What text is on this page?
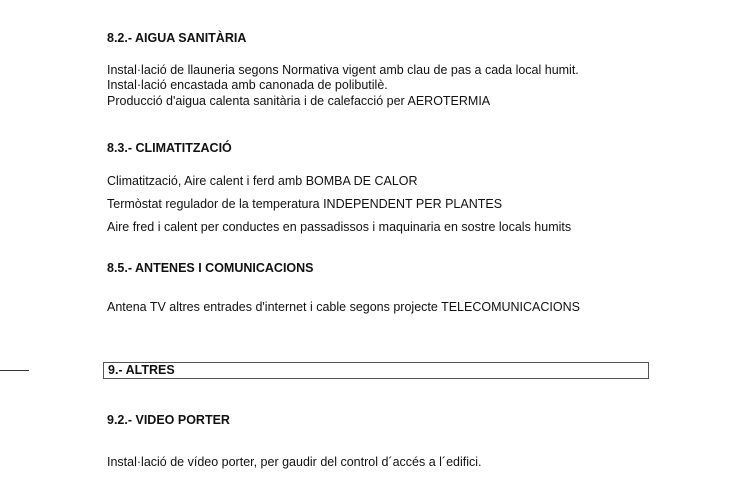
8.2.- AIGUA SANITÀRIA
Instal·lació de llauneria segons Normativa vigent amb clau de pas a cada local humit.
Instal·lació encastada amb canonada de polibutilè.
Producció d'aigua calenta sanitària i de calefacció per AEROTERMIA
8.3.- CLIMATITZACIÓ
Climatització, Aire calent i ferd amb BOMBA DE CALOR
Termòstat regulador de la temperatura INDEPENDENT PER PLANTES
Aire fred i calent per conductes en passadissos i maquinaria en sostre locals humits
8.5.- ANTENES I COMUNICACIONS
Antena TV altres entrades d'internet i cable segons projecte TELECOMUNICACIONS
9.- ALTRES
9.2.- VIDEO PORTER
Instal·lació de vídeo porter, per gaudir del control d´accés a l´edifici.
